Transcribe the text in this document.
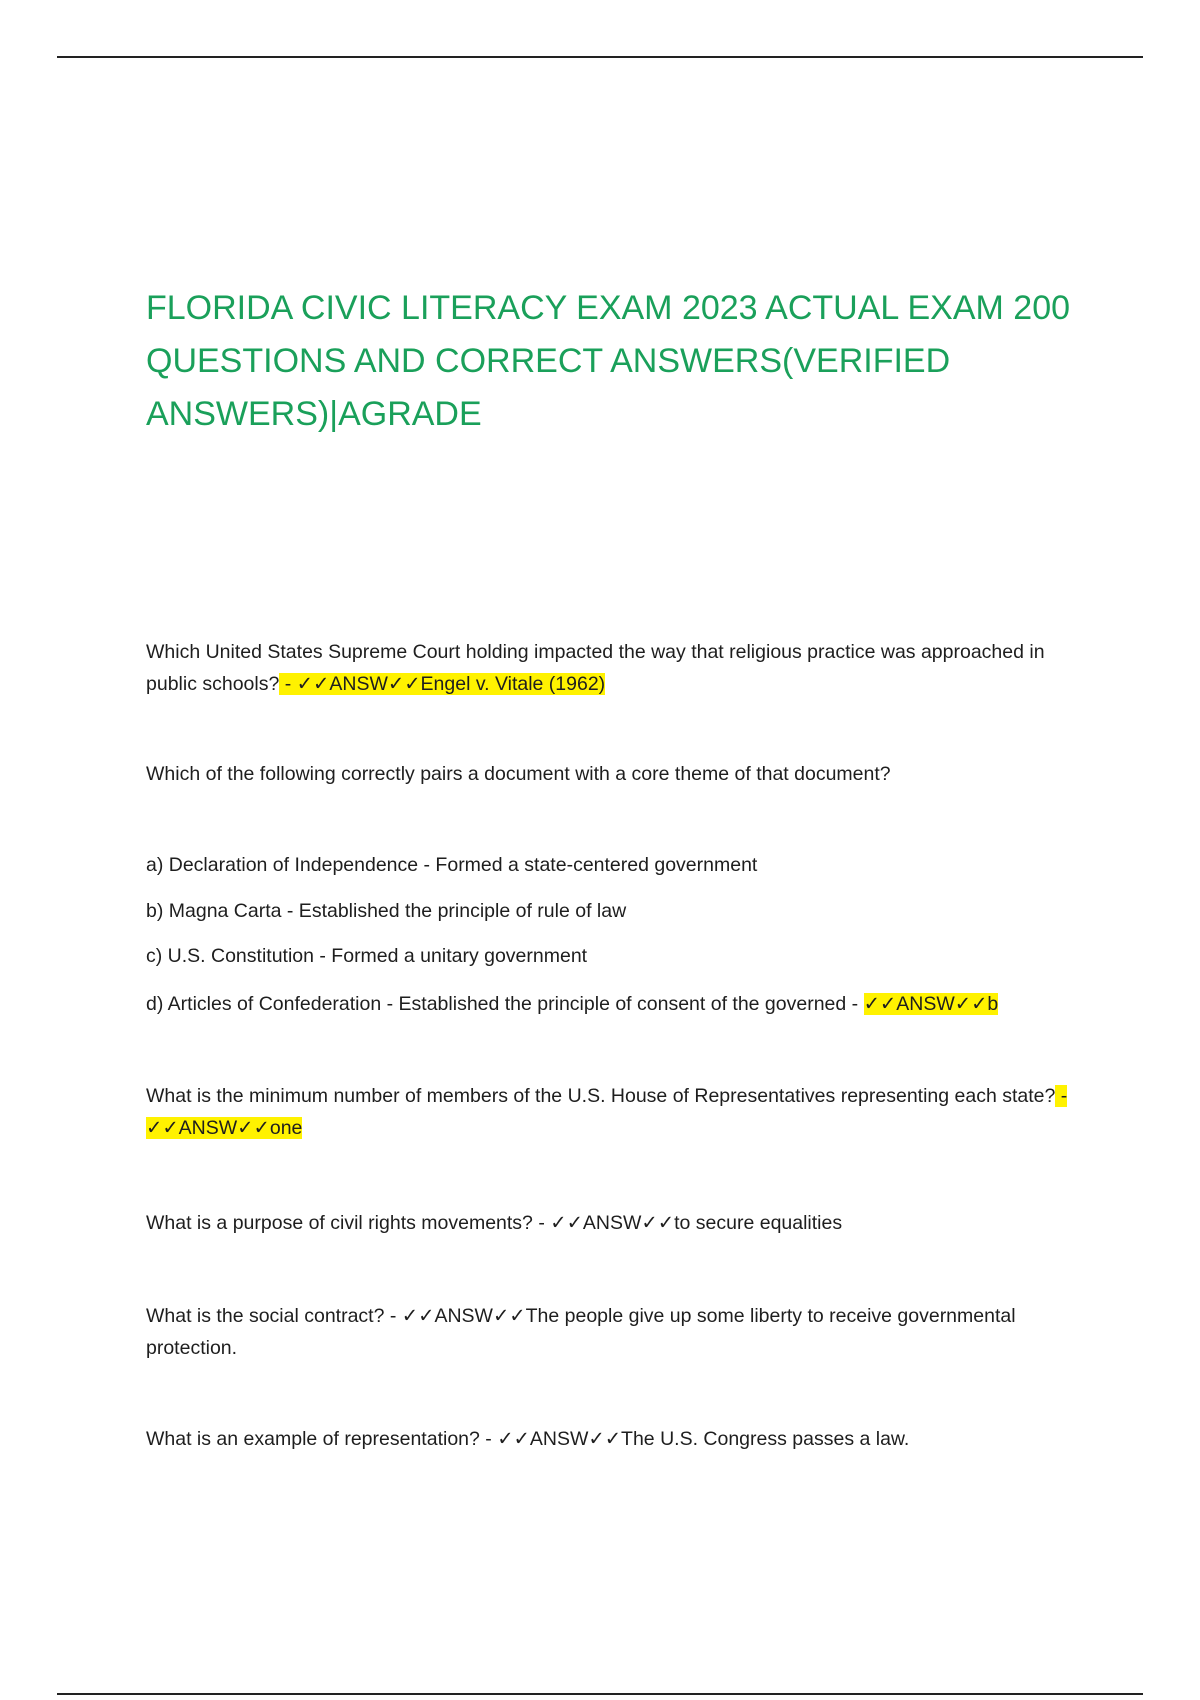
FLORIDA CIVIC LITERACY EXAM 2023 ACTUAL EXAM 200
QUESTIONS AND CORRECT ANSWERS(VERIFIED
ANSWERS)|AGRADE

Which United States Supreme Court holding impacted the way that religious practice was approached in public schools? - ✓✓ANSW✓✓Engel v. Vitale (1962)

Which of the following correctly pairs a document with a core theme of that document?

a) Declaration of Independence - Formed a state-centered government

b) Magna Carta - Established the principle of rule of law

c) U.S. Constitution - Formed a unitary government

d) Articles of Confederation - Established the principle of consent of the governed - ✓✓ANSW✓✓b

What is the minimum number of members of the U.S. House of Representatives representing each state? - ✓✓ANSW✓✓one

What is a purpose of civil rights movements? - ✓✓ANSW✓✓to secure equalities

What is the social contract? - ✓✓ANSW✓✓The people give up some liberty to receive governmental protection.

What is an example of representation? - ✓✓ANSW✓✓The U.S. Congress passes a law.
